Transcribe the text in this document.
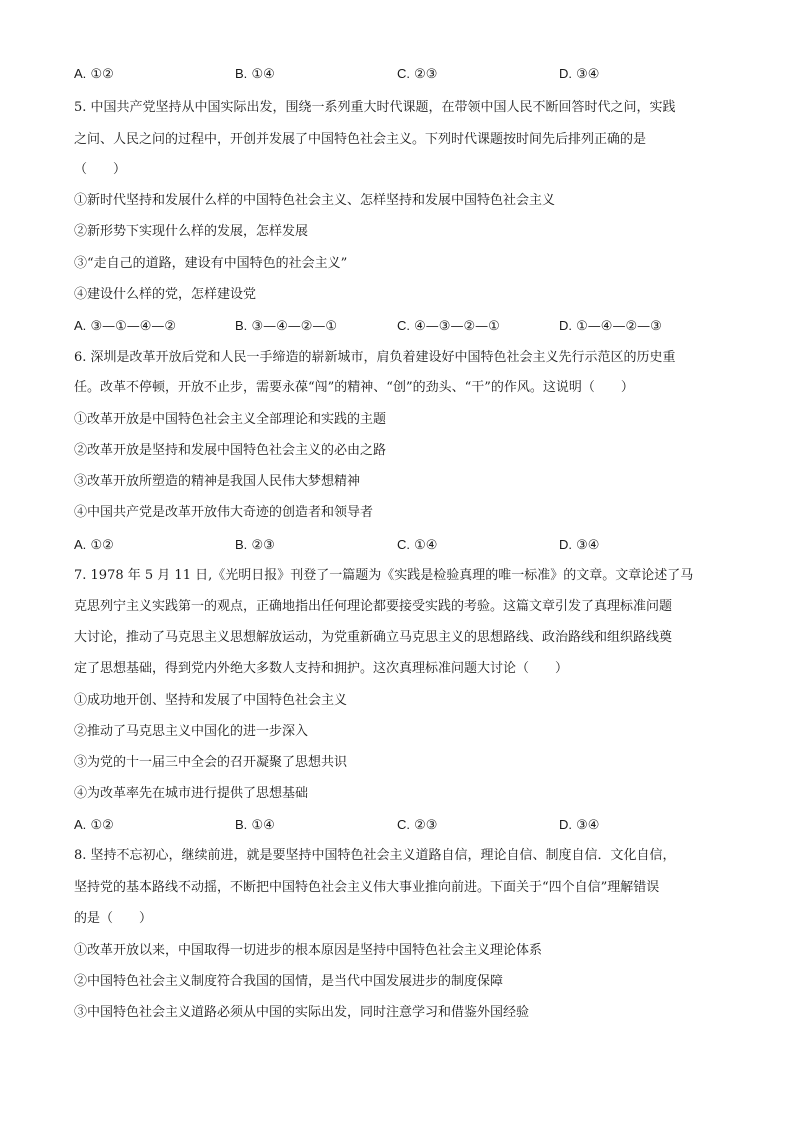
A. ①②	B. ①④	C. ②③	D. ③④
5. 中国共产党坚持从中国实际出发，围绕一系列重大时代课题，在带领中国人民不断回答时代之问，实践
之问、人民之问的过程中，开创并发展了中国特色社会主义。下列时代课题按时间先后排列正确的是
（　　）
①新时代坚持和发展什么样的中国特色社会主义、怎样坚持和发展中国特色社会主义
②新形势下实现什么样的发展，怎样发展
③“走自己的道路，建设有中国特色的社会主义”
④建设什么样的党，怎样建设党
A. ③—①—④—②	B. ③—④—②—①	C. ④—③—②—①	D. ①—④—②—③
6. 深圳是改革开放后党和人民一手缔造的崭新城市，肩负着建设好中国特色社会主义先行示范区的历史重
任。改革不停顿，开放不止步，需要永葆“闯”的精神、“创”的劲头、“干”的作风。这说明（　　）
①改革开放是中国特色社会主义全部理论和实践的主题
②改革开放是坚持和发展中国特色社会主义的必由之路
③改革开放所塑造的精神是我国人民伟大梦想精神
④中国共产党是改革开放伟大奇迹的创造者和领导者
A. ①②	B. ②③	C. ①④	D. ③④
7. 1978 年 5 月 11 日,《光明日报》刊登了一篇题为《实践是检验真理的唯一标准》的文章。文章论述了马
克思列宁主义实践第一的观点，正确地指出任何理论都要接受实践的考验。这篇文章引发了真理标准问题
大讨论，推动了马克思主义思想解放运动，为党重新确立马克思主义的思想路线、政治路线和组织路线奠
定了思想基础，得到党内外绝大多数人支持和拥护。这次真理标准问题大讨论（　　）
①成功地开创、坚持和发展了中国特色社会主义
②推动了马克思主义中国化的进一步深入
③为党的十一届三中全会的召开凝聚了思想共识
④为改革率先在城市进行提供了思想基础
A. ①②	B. ①④	C. ②③	D. ③④
8. 坚持不忘初心，继续前进，就是要坚持中国特色社会主义道路自信，理论自信、制度自信．文化自信，
坚持党的基本路线不动摇，不断把中国特色社会主义伟大事业推向前进。下面关于“四个自信”理解错误
的是（　　）
①改革开放以来，中国取得一切进步的根本原因是坚持中国特色社会主义理论体系
②中国特色社会主义制度符合我国的国情，是当代中国发展进步的制度保障
③中国特色社会主义道路必须从中国的实际出发，同时注意学习和借鉴外国经验
